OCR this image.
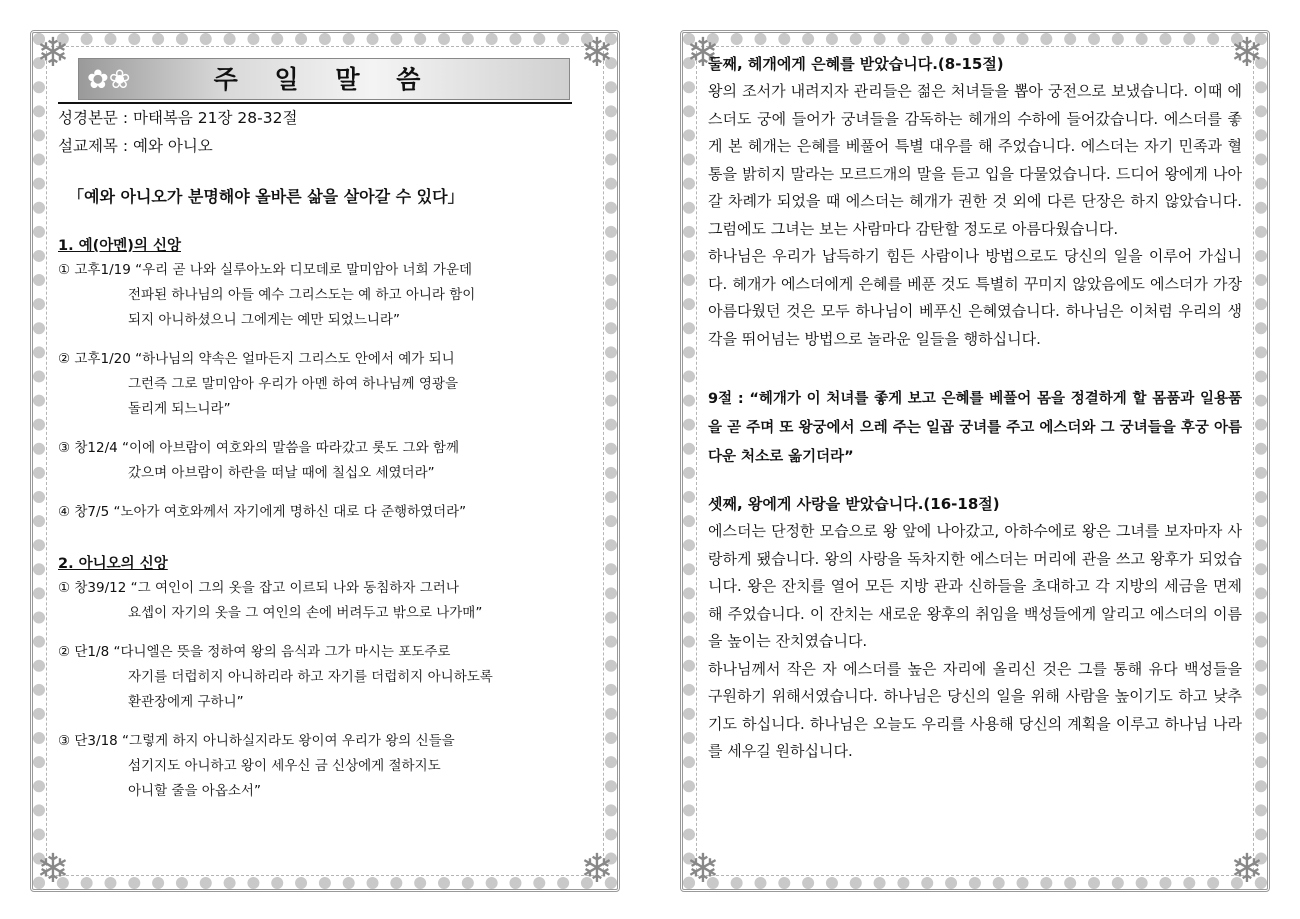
❄	❄
❄	❄
✿❀	주 일 말 씀
성경본문 : 마태복음 21장 28-32절
설교제목 : 예와 아니오
「예와 아니오가 분명해야 올바른 삶을 살아갈 수 있다」
1. 예(아멘)의 신앙
① 고후1/19 “우리 곧 나와 실루아노와 디모데로 말미암아 너희 가운데
전파된 하나님의 아들 예수 그리스도는 예 하고 아니라 함이
되지 아니하셨으니 그에게는 예만 되었느니라”
② 고후1/20 “하나님의 약속은 얼마든지 그리스도 안에서 예가 되니
그런즉 그로 말미암아 우리가 아멘 하여 하나님께 영광을
돌리게 되느니라”
③ 창12/4 “이에 아브람이 여호와의 말씀을 따라갔고 롯도 그와 함께
갔으며 아브람이 하란을 떠날 때에 칠십오 세였더라”
④ 창7/5 “노아가 여호와께서 자기에게 명하신 대로 다 준행하였더라”
2. 아니오의 신앙
① 창39/12 “그 여인이 그의 옷을 잡고 이르되 나와 동침하자 그러나
요셉이 자기의 옷을 그 여인의 손에 버려두고 밖으로 나가매”
② 단1/8 “다니엘은 뜻을 정하여 왕의 음식과 그가 마시는 포도주로
자기를 더럽히지 아니하리라 하고 자기를 더럽히지 아니하도록
환관장에게 구하니”
③ 단3/18 “그렇게 하지 아니하실지라도 왕이여 우리가 왕의 신들을
섬기지도 아니하고 왕이 세우신 금 신상에게 절하지도
아니할 줄을 아옵소서”
❄	❄
❄	❄
둘째, 헤개에게 은혜를 받았습니다.(8-15절)

왕의 조서가 내려지자 관리들은 젊은 처녀들을 뽑아 궁전으로 보냈습니다. 이때 에스더도 궁에 들어가 궁녀들을 감독하는 헤개의 수하에 들어갔습니다. 에스더를 좋게 본 헤개는 은혜를 베풀어 특별 대우를 해 주었습니다. 에스더는 자기 민족과 혈통을 밝히지 말라는 모르드개의 말을 듣고 입을 다물었습니다. 드디어 왕에게 나아갈 차례가 되었을 때 에스더는 헤개가 권한 것 외에 다른 단장은 하지 않았습니다. 그럼에도 그녀는 보는 사람마다 감탄할 정도로 아름다웠습니다.

하나님은 우리가 납득하기 힘든 사람이나 방법으로도 당신의 일을 이루어 가십니다. 헤개가 에스더에게 은혜를 베푼 것도 특별히 꾸미지 않았음에도 에스더가 가장 아름다웠던 것은 모두 하나님이 베푸신 은혜였습니다. 하나님은 이처럼 우리의 생각을 뛰어넘는 방법으로 놀라운 일들을 행하십니다.

9절 : “헤개가 이 처녀를 좋게 보고 은혜를 베풀어 몸을 정결하게 할 몸품과 일용품을 곧 주며 또 왕궁에서 으레 주는 일곱 궁녀를 주고 에스더와 그 궁녀들을 후궁 아름다운 처소로 옮기더라”

셋째, 왕에게 사랑을 받았습니다.(16-18절)

에스더는 단정한 모습으로 왕 앞에 나아갔고, 아하수에로 왕은 그녀를 보자마자 사랑하게 됐습니다. 왕의 사랑을 독차지한 에스더는 머리에 관을 쓰고 왕후가 되었습니다. 왕은 잔치를 열어 모든 지방 관과 신하들을 초대하고 각 지방의 세금을 면제해 주었습니다. 이 잔치는 새로운 왕후의 취임을 백성들에게 알리고 에스더의 이름을 높이는 잔치였습니다.

하나님께서 작은 자 에스더를 높은 자리에 올리신 것은 그를 통해 유다 백성들을 구원하기 위해서였습니다. 하나님은 당신의 일을 위해 사람을 높이기도 하고 낮추기도 하십니다. 하나님은 오늘도 우리를 사용해 당신의 계획을 이루고 하나님 나라를 세우길 원하십니다.
